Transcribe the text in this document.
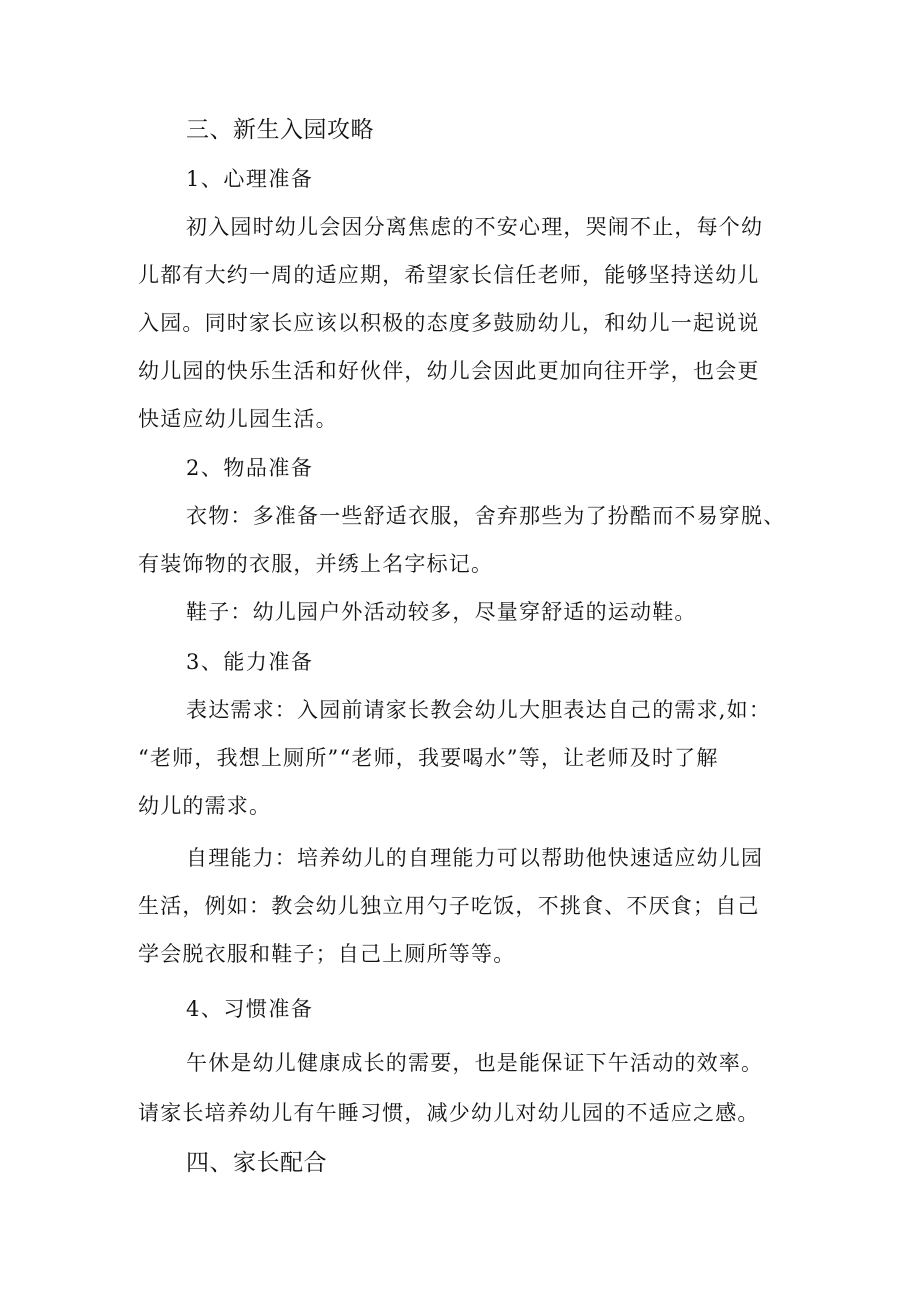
三、新生入园攻略
1、心理准备
初入园时幼儿会因分离焦虑的不安心理，哭闹不止，每个幼
儿都有大约一周的适应期，希望家长信任老师，能够坚持送幼儿
入园。同时家长应该以积极的态度多鼓励幼儿，和幼儿一起说说
幼儿园的快乐生活和好伙伴，幼儿会因此更加向往开学，也会更
快适应幼儿园生活。
2、物品准备
衣物：多准备一些舒适衣服，舍弃那些为了扮酷而不易穿脱、
有装饰物的衣服，并绣上名字标记。
鞋子：幼儿园户外活动较多，尽量穿舒适的运动鞋。
3、能力准备
表达需求：入园前请家长教会幼儿大胆表达自己的需求,如：
“老师，我想上厕所”“老师，我要喝水”等，让老师及时了解
幼儿的需求。
自理能力：培养幼儿的自理能力可以帮助他快速适应幼儿园
生活，例如：教会幼儿独立用勺子吃饭，不挑食、不厌食；自己
学会脱衣服和鞋子；自己上厕所等等。
4、习惯准备
午休是幼儿健康成长的需要，也是能保证下午活动的效率。
请家长培养幼儿有午睡习惯，减少幼儿对幼儿园的不适应之感。
四、家长配合
